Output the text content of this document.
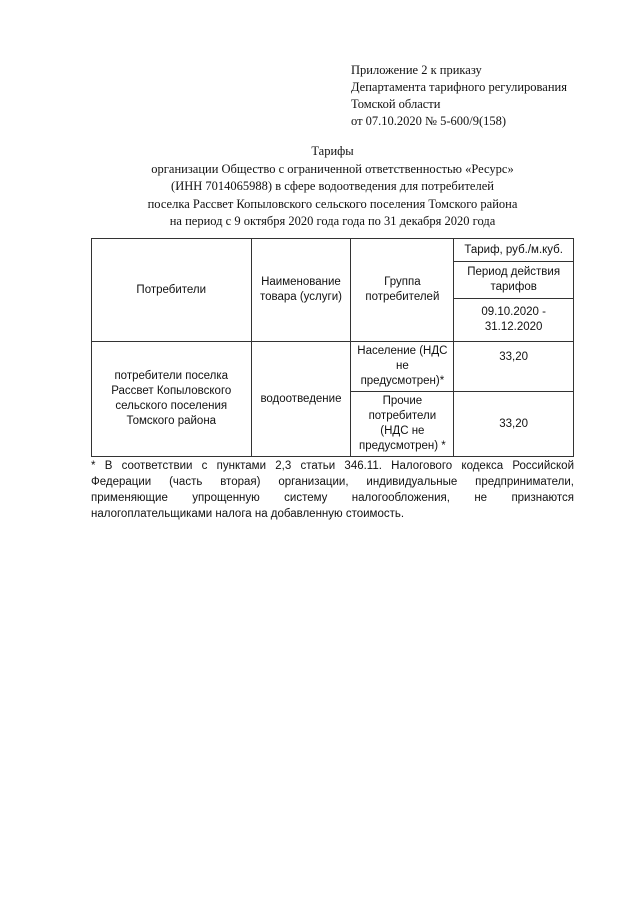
Приложение 2 к приказу
Департамента тарифного регулирования
Томской области
от 07.10.2020 № 5-600/9(158)
Тарифы
организации Общество с ограниченной ответственностью «Ресурс»
(ИНН 7014065988) в сфере водоотведения для потребителей
поселка Рассвет Копыловского сельского поселения Томского района
на период с 9 октября 2020 года года по 31 декабря 2020 года
Потребители	Наименование товара (услуги)	Группа потребителей	Тариф, руб./м.куб.
			Период действия тарифов
			09.10.2020 - 31.12.2020
потребители поселка Рассвет Копыловского сельского поселения Томского района	водоотведение	Население (НДС не предусмотрен)*	33,20
		Прочие потребители (НДС не предусмотрен) *	33,20
* В соответствии с пунктами 2,3 статьи 346.11. Налогового кодекса Российской Федерации (часть вторая) организации, индивидуальные предприниматели, применяющие упрощенную систему налогообложения, не признаются налогоплательщиками налога на добавленную стоимость.
